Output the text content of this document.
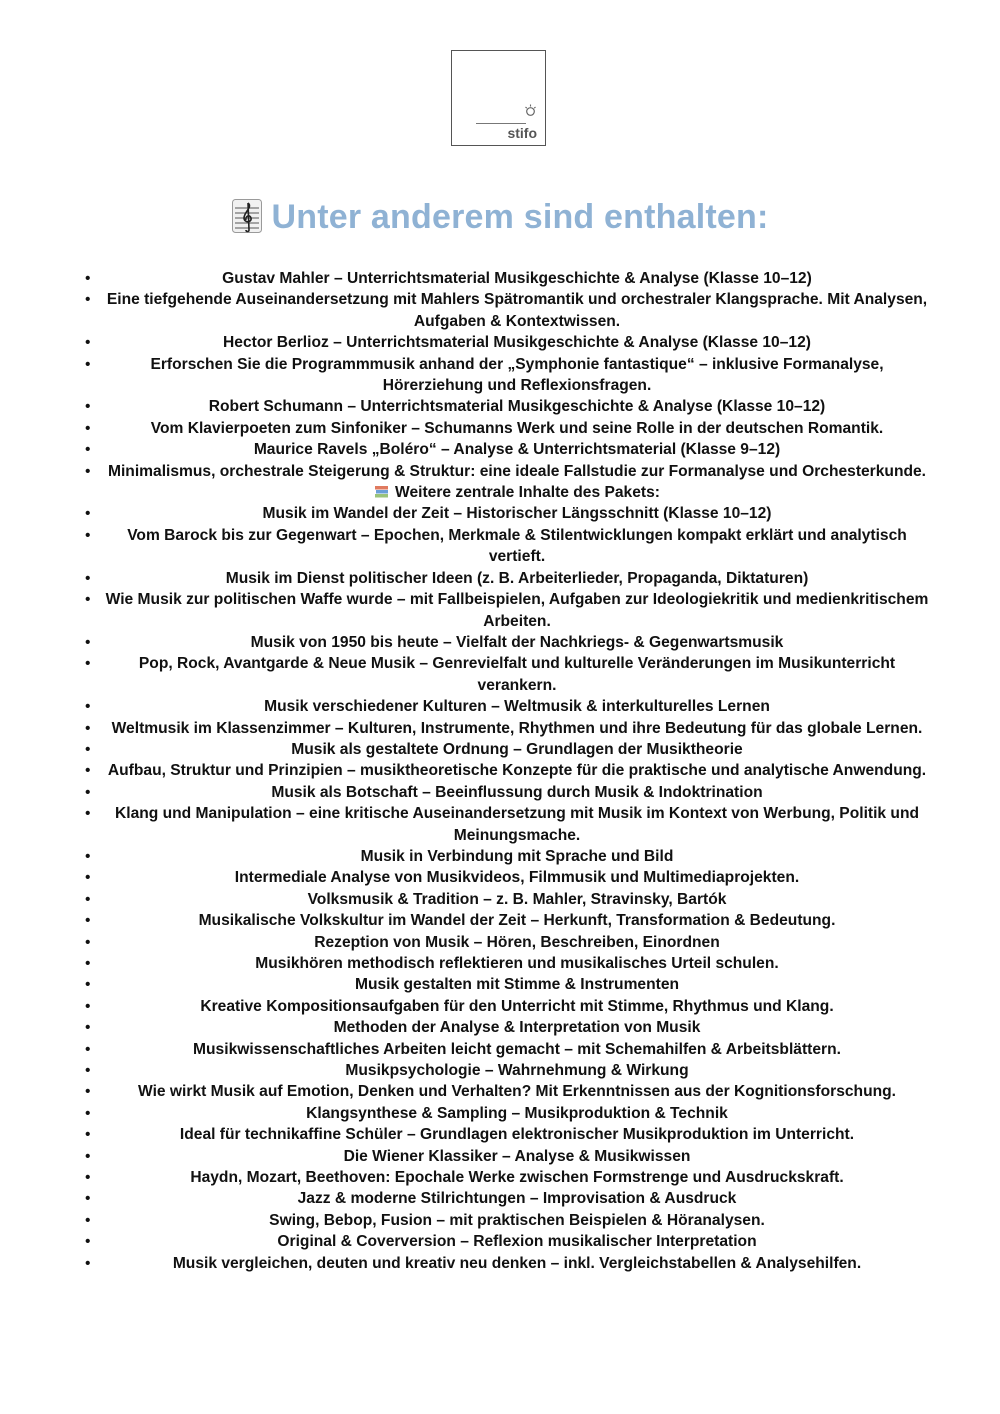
stifo
Unter anderem sind enthalten:
• Gustav Mahler – Unterrichtsmaterial Musikgeschichte & Analyse (Klasse 10–12)
• Eine tiefgehende Auseinandersetzung mit Mahlers Spätromantik und orchestraler Klangsprache. Mit Analysen, Aufgaben & Kontextwissen.
• Hector Berlioz – Unterrichtsmaterial Musikgeschichte & Analyse (Klasse 10–12)
• Erforschen Sie die Programmmusik anhand der „Symphonie fantastique“ – inklusive Formanalyse, Hörerziehung und Reflexionsfragen.
• Robert Schumann – Unterrichtsmaterial Musikgeschichte & Analyse (Klasse 10–12)
• Vom Klavierpoeten zum Sinfoniker – Schumanns Werk und seine Rolle in der deutschen Romantik.
• Maurice Ravels „Boléro“ – Analyse & Unterrichtsmaterial (Klasse 9–12)
• Minimalismus, orchestrale Steigerung & Struktur: eine ideale Fallstudie zur Formanalyse und Orchesterkunde.
Weitere zentrale Inhalte des Pakets:
• Musik im Wandel der Zeit – Historischer Längsschnitt (Klasse 10–12)
• Vom Barock bis zur Gegenwart – Epochen, Merkmale & Stilentwicklungen kompakt erklärt und analytisch vertieft.
• Musik im Dienst politischer Ideen (z. B. Arbeiterlieder, Propaganda, Diktaturen)
• Wie Musik zur politischen Waffe wurde – mit Fallbeispielen, Aufgaben zur Ideologiekritik und medienkritischem Arbeiten.
• Musik von 1950 bis heute – Vielfalt der Nachkriegs- & Gegenwartsmusik
• Pop, Rock, Avantgarde & Neue Musik – Genrevielfalt und kulturelle Veränderungen im Musikunterricht verankern.
• Musik verschiedener Kulturen – Weltmusik & interkulturelles Lernen
• Weltmusik im Klassenzimmer – Kulturen, Instrumente, Rhythmen und ihre Bedeutung für das globale Lernen.
• Musik als gestaltete Ordnung – Grundlagen der Musiktheorie
• Aufbau, Struktur und Prinzipien – musiktheoretische Konzepte für die praktische und analytische Anwendung.
• Musik als Botschaft – Beeinflussung durch Musik & Indoktrination
• Klang und Manipulation – eine kritische Auseinandersetzung mit Musik im Kontext von Werbung, Politik und Meinungsmache.
• Musik in Verbindung mit Sprache und Bild
• Intermediale Analyse von Musikvideos, Filmmusik und Multimediaprojekten.
• Volksmusik & Tradition – z. B. Mahler, Stravinsky, Bartók
• Musikalische Volkskultur im Wandel der Zeit – Herkunft, Transformation & Bedeutung.
• Rezeption von Musik – Hören, Beschreiben, Einordnen
• Musikhören methodisch reflektieren und musikalisches Urteil schulen.
• Musik gestalten mit Stimme & Instrumenten
• Kreative Kompositionsaufgaben für den Unterricht mit Stimme, Rhythmus und Klang.
• Methoden der Analyse & Interpretation von Musik
• Musikwissenschaftliches Arbeiten leicht gemacht – mit Schemahilfen & Arbeitsblättern.
• Musikpsychologie – Wahrnehmung & Wirkung
• Wie wirkt Musik auf Emotion, Denken und Verhalten? Mit Erkenntnissen aus der Kognitionsforschung.
• Klangsynthese & Sampling – Musikproduktion & Technik
• Ideal für technikaffine Schüler – Grundlagen elektronischer Musikproduktion im Unterricht.
• Die Wiener Klassiker – Analyse & Musikwissen
• Haydn, Mozart, Beethoven: Epochale Werke zwischen Formstrenge und Ausdruckskraft.
• Jazz & moderne Stilrichtungen – Improvisation & Ausdruck
• Swing, Bebop, Fusion – mit praktischen Beispielen & Höranalysen.
• Original & Coverversion – Reflexion musikalischer Interpretation
• Musik vergleichen, deuten und kreativ neu denken – inkl. Vergleichstabellen & Analysehilfen.
